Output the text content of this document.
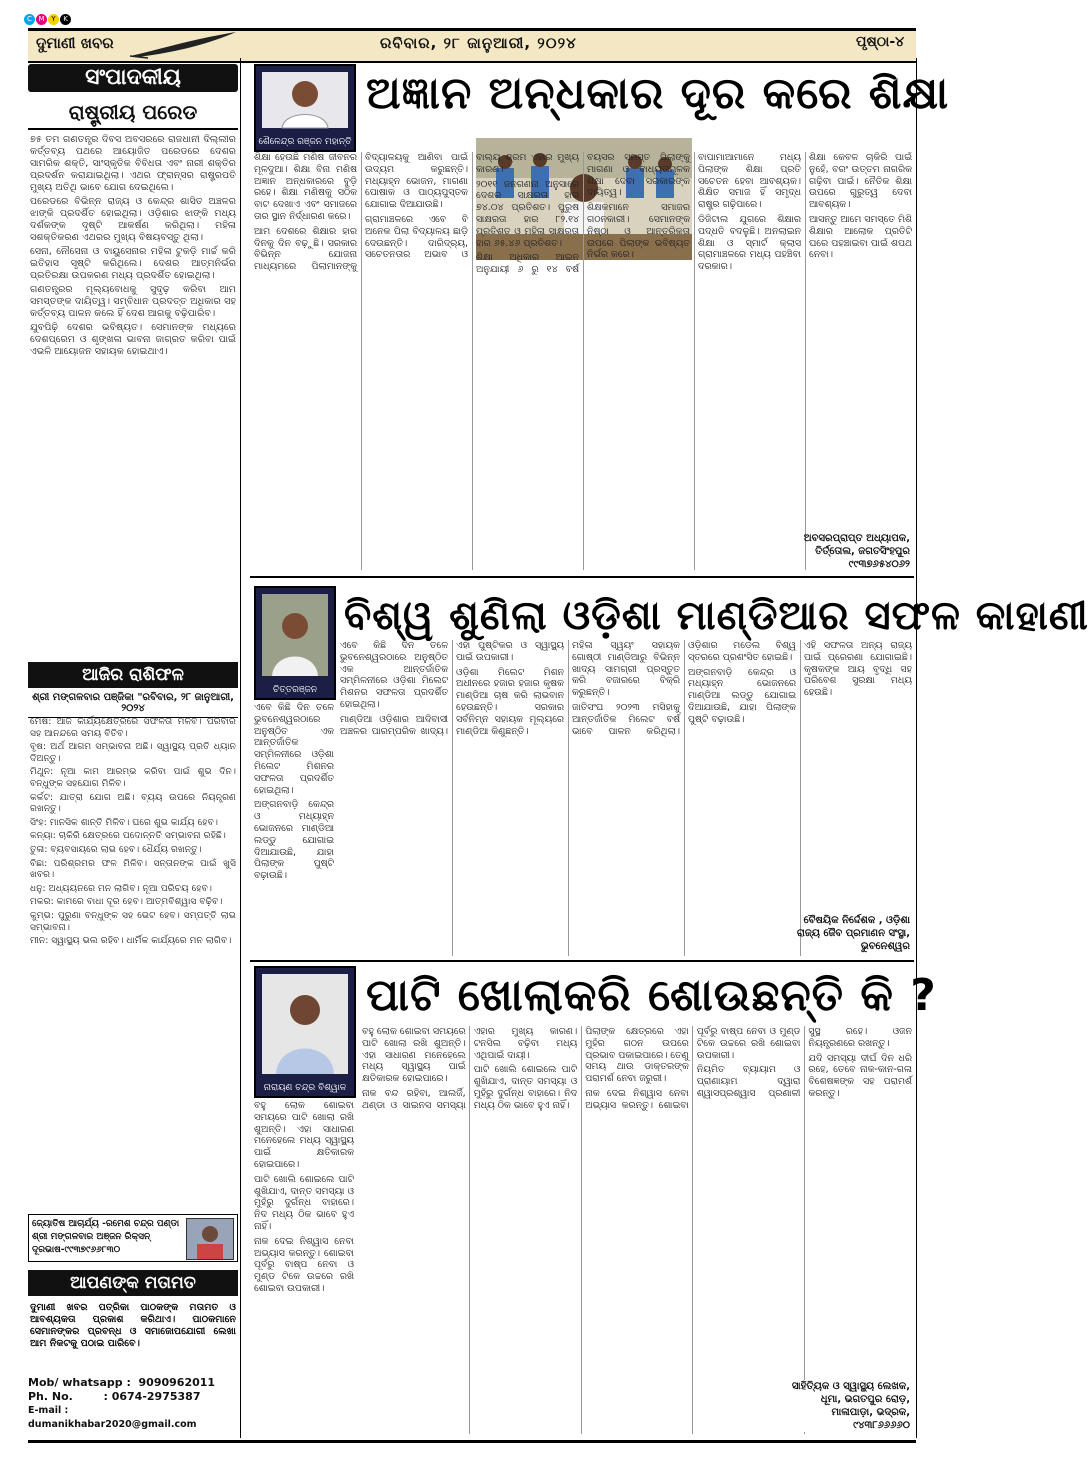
C M Y K
ଦୁମାଣୀ ଖବର	ରବିବାର, ୨୮ ଜାନୁଆରୀ, ୨୦୨୪	ପୃଷ୍ଠା-୪
ସଂପାଦକୀୟ
ରାଷ୍ଟ୍ରୀୟ ପରେଡ

୭୫ ତମ ଗଣତନ୍ତ୍ର ଦିବସ ଅବସରରେ ରାଜଧାନୀ ଦିଲ୍ଲୀର କର୍ତ୍ତବ୍ୟ ପଥରେ ଆୟୋଜିତ ପରେଡରେ ଦେଶର ସାମରିକ ଶକ୍ତି, ସାଂସ୍କୃତିକ ବିବିଧତା ଏବଂ ନାରୀ ଶକ୍ତିର ପ୍ରଦର୍ଶନ କରାଯାଇଥିଲା। ଏଥର ଫ୍ରାନ୍ସର ରାଷ୍ଟ୍ରପତି ମୁଖ୍ୟ ଅତିଥି ଭାବେ ଯୋଗ ଦେଇଥିଲେ।

ପରେଡରେ ବିଭିନ୍ନ ରାଜ୍ୟ ଓ କେନ୍ଦ୍ର ଶାସିତ ଅଞ୍ଚଳର ଝାଙ୍କି ପ୍ରଦର୍ଶିତ ହୋଇଥିଲା। ଓଡ଼ିଶାର ଝାଙ୍କି ମଧ୍ୟ ଦର୍ଶକଙ୍କ ଦୃଷ୍ଟି ଆକର୍ଷଣ କରିଥିଲା। ମହିଳା ସଶକ୍ତିକରଣ ଏଥରର ମୁଖ୍ୟ ବିଷୟବସ୍ତୁ ଥିଲା।

ସେନା, ନୌସେନା ଓ ବାୟୁସେନାର ମହିଳା ଟୁକଡ଼ି ମାର୍ଚ୍ଚ କରି ଇତିହାସ ସୃଷ୍ଟି କରିଥିଲେ। ଦେଶର ଆତ୍ମନିର୍ଭର ପ୍ରତିରକ୍ଷା ଉପକରଣ ମଧ୍ୟ ପ୍ରଦର୍ଶିତ ହୋଇଥିଲା।

ଗଣତନ୍ତ୍ରର ମୂଲ୍ୟବୋଧକୁ ସୁଦୃଢ଼ କରିବା ଆମ ସମସ୍ତଙ୍କ ଦାୟିତ୍ୱ। ସମ୍ବିଧାନ ପ୍ରଦତ୍ତ ଅଧିକାର ସହ କର୍ତ୍ତବ୍ୟ ପାଳନ କଲେ ହିଁ ଦେଶ ଆଗକୁ ବଢ଼ିପାରିବ।

ଯୁବପିଢ଼ି ଦେଶର ଭବିଷ୍ୟତ। ସେମାନଙ୍କ ମଧ୍ୟରେ ଦେଶପ୍ରେମ ଓ ଶୃଙ୍ଖଳା ଭାବନା ଜାଗ୍ରତ କରିବା ପାଇଁ ଏଭଳି ଆୟୋଜନ ସହାୟକ ହୋଇଥାଏ।

ଆଜିର ରାଶିଫଳ
ଶ୍ରୀ ମଙ୍ଗଳବାର ପଞ୍ଜିକା "ରବିବାର, ୨୮ ଜାନୁଆରୀ, ୨୦୨୪

ମେଷ: ଆଜି କାର୍ଯ୍ୟକ୍ଷେତ୍ରରେ ସଫଳତା ମିଳିବ। ପରିବାର ସହ ଆନନ୍ଦରେ ସମୟ ବିତିବ।

ବୃଷ: ଅର୍ଥ ଆଗମ ସମ୍ଭାବନା ଅଛି। ସ୍ୱାସ୍ଥ୍ୟ ପ୍ରତି ଧ୍ୟାନ ଦିଅନ୍ତୁ।

ମିଥୁନ: ନୂଆ କାମ ଆରମ୍ଭ କରିବା ପାଇଁ ଶୁଭ ଦିନ। ବନ୍ଧୁଙ୍କ ସହଯୋଗ ମିଳିବ।

କର୍କଟ: ଯାତ୍ରା ଯୋଗ ଅଛି। ବ୍ୟୟ ଉପରେ ନିୟନ୍ତ୍ରଣ ରଖନ୍ତୁ।

ସିଂହ: ମାନସିକ ଶାନ୍ତି ମିଳିବ। ଘରେ ଶୁଭ କାର୍ଯ୍ୟ ହେବ।

କନ୍ୟା: ଚାକିରି କ୍ଷେତ୍ରରେ ପଦୋନ୍ନତି ସମ୍ଭାବନା ରହିଛି।

ତୁଳା: ବ୍ୟବସାୟରେ ଲାଭ ହେବ। ଧୈର୍ଯ୍ୟ ରଖନ୍ତୁ।

ବିଛା: ପରିଶ୍ରମର ଫଳ ମିଳିବ। ସନ୍ତାନଙ୍କ ପାଇଁ ଖୁସି ଖବର।

ଧନୁ: ଅଧ୍ୟୟନରେ ମନ ଲାଗିବ। ନୂଆ ପରିଚୟ ହେବ।

ମକର: କାମରେ ବାଧା ଦୂର ହେବ। ଆତ୍ମବିଶ୍ୱାସ ବଢ଼ିବ।

କୁମ୍ଭ: ପୁରୁଣା ବନ୍ଧୁଙ୍କ ସହ ଭେଟ ହେବ। ସମ୍ପତ୍ତି ଲାଭ ସମ୍ଭାବନା।

ମୀନ: ସ୍ୱାସ୍ଥ୍ୟ ଭଲ ରହିବ। ଧାର୍ମିକ କାର୍ଯ୍ୟରେ ମନ ଲାଗିବ।

ଜ୍ୟୋତିଷ ଆଚାର୍ଯ୍ୟ -ରମେଶ ଚନ୍ଦ୍ର ପଣ୍ଡା
ଶ୍ରୀ ମଙ୍ଗଳବାର ଅଞ୍ଜନ ରିକ୍ସନ୍
ଦୂରଭାଷ-୯୯୩୭୯୬୬୮୩୦
ଆପଣଙ୍କ ମତାମତ
ଦୁମାଣୀ ଖବର ପତ୍ରିକା ପାଠକଙ୍କ ମତାମତ ଓ ଆବଶ୍ୟକତା ପ୍ରକାଶ କରିଥାଏ। ପାଠକମାନେ ସେମାନଙ୍କର ପ୍ରବନ୍ଧ ଓ ସମାଜୋପଯୋଗୀ ଲେଖା ଆମ ନିକଟକୁ ପଠାଇ ପାରିବେ।

Mob/ whatsapp : 9090962011

Ph. No.	: 0674-2975387

E-mail : dumanikhabar2020@gmail.com

ଶୈଳେନ୍ଦ୍ର ରଞ୍ଜନ ମହାନ୍ତି
ଅଜ୍ଞାନ ଅନ୍ଧକାର ଦୂର କରେ ଶିକ୍ଷା

ଶିକ୍ଷା ହେଉଛି ମଣିଷ ଜୀବନର ମୂଳଦୁଆ। ଶିକ୍ଷା ବିନା ମଣିଷ ଅଜ୍ଞାନ ଅନ୍ଧକାରରେ ବୁଡ଼ି ରହେ। ଶିକ୍ଷା ମଣିଷକୁ ସଠିକ ବାଟ ଦେଖାଏ ଏବଂ ସମାଜରେ ତାର ସ୍ଥାନ ନିର୍ଦ୍ଧାରଣ କରେ।

ଆମ ଦେଶରେ ଶିକ୍ଷାର ହାର ଦିନକୁ ଦିନ ବଢ଼ୁଛି। ସରକାର ବିଭିନ୍ନ ଯୋଜନା ମାଧ୍ୟମରେ ପିଲାମାନଙ୍କୁ ବିଦ୍ୟାଳୟକୁ ଆଣିବା ପାଇଁ ଉଦ୍ୟମ କରୁଛନ୍ତି। ମଧ୍ୟାହ୍ନ ଭୋଜନ, ମାଗଣା ପୋଷାକ ଓ ପାଠ୍ୟପୁସ୍ତକ ଯୋଗାଇ ଦିଆଯାଉଛି।

ଗ୍ରାମାଞ୍ଚଳରେ ଏବେ ବି ଅନେକ ପିଲା ବିଦ୍ୟାଳୟ ଛାଡ଼ି ଦେଉଛନ୍ତି। ଦାରିଦ୍ର୍ୟ, ସଚେତନତାର ଅଭାବ ଓ ବାଲ୍ୟ ଶ୍ରମ ଏହାର ମୁଖ୍ୟ କାରଣ।

୨୦୧୧ ଜନଗଣନା ଅନୁସାରେ ଦେଶର ସାକ୍ଷରତା ହାର ୭୪.୦୪ ପ୍ରତିଶତ। ପୁରୁଷ ସାକ୍ଷରତା ହାର ୮୨.୧୪ ପ୍ରତିଶତ ଓ ମହିଳା ସାକ୍ଷରତା ହାର ୬୫.୪୬ ପ୍ରତିଶତ।

ଶିକ୍ଷା ଅଧିକାର ଆଇନ ଅନୁଯାୟୀ ୬ ରୁ ୧୪ ବର୍ଷ ବୟସର ସମସ୍ତ ପିଲାଙ୍କୁ ମାଗଣା ଓ ବାଧ୍ୟତାମୂଳକ ଶିକ୍ଷା ଦେବା ସରକାରଙ୍କ ଦାୟିତ୍ୱ।

ଶିକ୍ଷକମାନେ ସମାଜର ଗଠନକାରୀ। ସେମାନଙ୍କ ନିଷ୍ଠା ଓ ଆନ୍ତରିକତା ଉପରେ ପିଲାଙ୍କ ଭବିଷ୍ୟତ ନିର୍ଭର କରେ।

ବାପାମାଆମାନେ ମଧ୍ୟ ପିଲାଙ୍କ ଶିକ୍ଷା ପ୍ରତି ସଚେତନ ହେବା ଆବଶ୍ୟକ। ଶିକ୍ଷିତ ସମାଜ ହିଁ ସମୃଦ୍ଧ ରାଷ୍ଟ୍ର ଗଢ଼ିପାରେ।

ଡିଜିଟାଲ ଯୁଗରେ ଶିକ୍ଷାର ପଦ୍ଧତି ବଦଳୁଛି। ଅନଲାଇନ ଶିକ୍ଷା ଓ ସ୍ମାର୍ଟ କ୍ଲାସ ଗ୍ରାମାଞ୍ଚଳରେ ମଧ୍ୟ ପହଞ୍ଚିବା ଦରକାର।

ଶିକ୍ଷା କେବଳ ଚାକିରି ପାଇଁ ନୁହେଁ, ବରଂ ଉତ୍ତମ ନାଗରିକ ଗଢ଼ିବା ପାଇଁ। ନୈତିକ ଶିକ୍ଷା ଉପରେ ଗୁରୁତ୍ୱ ଦେବା ଆବଶ୍ୟକ।

ଆସନ୍ତୁ ଆମେ ସମସ୍ତେ ମିଶି ଶିକ୍ଷାର ଆଲୋକ ପ୍ରତିଟି ଘରେ ପହଞ୍ଚାଇବା ପାଇଁ ଶପଥ ନେବା।

ଅବସରପ୍ରାପ୍ତ ଅଧ୍ୟାପକ,
ତିର୍ତ୍ତୋଲ, ଜଗତସିଂହପୁର
୯୯୩୭୬୫୪୦୬୨
ଚିତ୍ତରଞ୍ଜନ
ବିଶ୍ୱ ଶୁଣିଲା ଓଡ଼ିଶା ମାଣ୍ଡିଆର ସଫଳ କାହାଣୀ

ଏବେ କିଛି ଦିନ ତଳେ ଭୁବନେଶ୍ୱରଠାରେ ଅନୁଷ୍ଠିତ ଏକ ଆନ୍ତର୍ଜାତିକ ସମ୍ମିଳନୀରେ ଓଡ଼ିଶା ମିଲେଟ ମିଶନର ସଫଳତା ପ୍ରଦର୍ଶିତ ହୋଇଥିଲା।

ମାଣ୍ଡିଆ ଓଡ଼ିଶାର ଆଦିବାସୀ ଅଞ୍ଚଳର ପାରମ୍ପରିକ ଖାଦ୍ୟ। ଏହା ପୁଷ୍ଟିକର ଓ ସ୍ୱାସ୍ଥ୍ୟ ପାଇଁ ଉପକାରୀ।

ଓଡ଼ିଶା ମିଲେଟ ମିଶନ ଅଧୀନରେ ହଜାର ହଜାର କୃଷକ ମାଣ୍ଡିଆ ଚାଷ କରି ଲାଭବାନ ହେଉଛନ୍ତି। ସରକାର ସର୍ବନିମ୍ନ ସହାୟକ ମୂଲ୍ୟରେ ମାଣ୍ଡିଆ କିଣୁଛନ୍ତି।

ମହିଳା ସ୍ୱୟଂ ସହାୟକ ଗୋଷ୍ଠୀ ମାଣ୍ଡିଆରୁ ବିଭିନ୍ନ ଖାଦ୍ୟ ସାମଗ୍ରୀ ପ୍ରସ୍ତୁତ କରି ବଜାରରେ ବିକ୍ରି କରୁଛନ୍ତି।

ଜାତିସଂଘ ୨୦୨୩ ମସିହାକୁ ଆନ୍ତର୍ଜାତିକ ମିଲେଟ ବର୍ଷ ଭାବେ ପାଳନ କରିଥିଲା। ଓଡ଼ିଶାର ମଡେଲ ବିଶ୍ୱ ସ୍ତରରେ ପ୍ରଶଂସିତ ହୋଇଛି।

ଅଙ୍ଗନବାଡ଼ି କେନ୍ଦ୍ର ଓ ମଧ୍ୟାହ୍ନ ଭୋଜନରେ ମାଣ୍ଡିଆ ଲଡ୍ଡୁ ଯୋଗାଇ ଦିଆଯାଉଛି, ଯାହା ପିଲାଙ୍କ ପୁଷ୍ଟି ବଢ଼ାଉଛି।

ଏହି ସଫଳତା ଅନ୍ୟ ରାଜ୍ୟ ପାଇଁ ପ୍ରେରଣା ଯୋଗାଇଛି। କୃଷକଙ୍କ ଆୟ ବୃଦ୍ଧି ସହ ପରିବେଶ ସୁରକ୍ଷା ମଧ୍ୟ ହେଉଛି।

ଏବେ କିଛି ଦିନ ତଳେ ଭୁବନେଶ୍ୱରଠାରେ ଅନୁଷ୍ଠିତ ଏକ ଆନ୍ତର୍ଜାତିକ ସମ୍ମିଳନୀରେ ଓଡ଼ିଶା ମିଲେଟ ମିଶନର ସଫଳତା ପ୍ରଦର୍ଶିତ ହୋଇଥିଲା।

ଅଙ୍ଗନବାଡ଼ି କେନ୍ଦ୍ର ଓ ମଧ୍ୟାହ୍ନ ଭୋଜନରେ ମାଣ୍ଡିଆ ଲଡ୍ଡୁ ଯୋଗାଇ ଦିଆଯାଉଛି, ଯାହା ପିଲାଙ୍କ ପୁଷ୍ଟି ବଢ଼ାଉଛି।

ବୈଷୟିକ ନିର୍ଦ୍ଦେଶକ , ଓଡ଼ିଶା
ରାଜ୍ୟ ଜୈବ ପ୍ରମାଣନ ସଂସ୍ଥା,
ଭୁବନେଶ୍ୱର
ନାରାୟଣ ଚନ୍ଦ୍ର ବିଶ୍ୱାଳ
ପାଟି ଖୋଲାକରି ଶୋଉଛନ୍ତି କି ?

ବହୁ ଲୋକ ଶୋଇବା ସମୟରେ ପାଟି ଖୋଲା ରଖି ଶୁଅନ୍ତି। ଏହା ସାଧାରଣ ମନେହେଲେ ମଧ୍ୟ ସ୍ୱାସ୍ଥ୍ୟ ପାଇଁ କ୍ଷତିକାରକ ହୋଇପାରେ।

ନାକ ବନ୍ଦ ରହିବା, ଆଲର୍ଜି, ଥଣ୍ଡା ଓ ସାଇନସ ସମସ୍ୟା ଏହାର ମୁଖ୍ୟ କାରଣ। ଟନସିଲ ବଢ଼ିବା ମଧ୍ୟ ଏଥିପାଇଁ ଦାୟୀ।

ପାଟି ଖୋଲି ଶୋଇଲେ ପାଟି ଶୁଖିଯାଏ, ଦାନ୍ତ ସମସ୍ୟା ଓ ମୁହଁରୁ ଦୁର୍ଗନ୍ଧ ବାହାରେ। ନିଦ ମଧ୍ୟ ଠିକ ଭାବେ ହୁଏ ନାହିଁ।

ପିଲାଙ୍କ କ୍ଷେତ୍ରରେ ଏହା ମୁହଁର ଗଠନ ଉପରେ ପ୍ରଭାବ ପକାଇପାରେ। ତେଣୁ ସମୟ ଥାଉ ଡାକ୍ତରଙ୍କ ପରାମର୍ଶ ନେବା ଜରୁରୀ।

ନାକ ଦେଇ ନିଶ୍ୱାସ ନେବା ଅଭ୍ୟାସ କରନ୍ତୁ। ଶୋଇବା ପୂର୍ବରୁ ବାଷ୍ପ ନେବା ଓ ମୁଣ୍ଡ ଟିକେ ଉଚ୍ଚରେ ରଖି ଶୋଇବା ଉପକାରୀ।

ନିୟମିତ ବ୍ୟାୟାମ ଓ ପ୍ରାଣାୟାମ ଦ୍ୱାରା ଶ୍ୱାସପ୍ରଶ୍ୱାସ ପ୍ରଣାଳୀ ସୁସ୍ଥ ରହେ। ଓଜନ ନିୟନ୍ତ୍ରଣରେ ରଖନ୍ତୁ।

ଯଦି ସମସ୍ୟା ଦୀର୍ଘ ଦିନ ଧରି ରହେ, ତେବେ ନାକ-କାନ-ଗଳା ବିଶେଷଜ୍ଞଙ୍କ ସହ ପରାମର୍ଶ କରନ୍ତୁ।

ବହୁ ଲୋକ ଶୋଇବା ସମୟରେ ପାଟି ଖୋଲା ରଖି ଶୁଅନ୍ତି। ଏହା ସାଧାରଣ ମନେହେଲେ ମଧ୍ୟ ସ୍ୱାସ୍ଥ୍ୟ ପାଇଁ କ୍ଷତିକାରକ ହୋଇପାରେ।

ପାଟି ଖୋଲି ଶୋଇଲେ ପାଟି ଶୁଖିଯାଏ, ଦାନ୍ତ ସମସ୍ୟା ଓ ମୁହଁରୁ ଦୁର୍ଗନ୍ଧ ବାହାରେ। ନିଦ ମଧ୍ୟ ଠିକ ଭାବେ ହୁଏ ନାହିଁ।

ନାକ ଦେଇ ନିଶ୍ୱାସ ନେବା ଅଭ୍ୟାସ କରନ୍ତୁ। ଶୋଇବା ପୂର୍ବରୁ ବାଷ୍ପ ନେବା ଓ ମୁଣ୍ଡ ଟିକେ ଉଚ୍ଚରେ ରଖି ଶୋଇବା ଉପକାରୀ।

ସାହିତ୍ୟିକ ଓ ସ୍ୱାସ୍ଥ୍ୟ ଲେଖକ,
ଧୂମା, ଭଗତପୁର ରୋଡ଼,
ମାଳାପାଡ଼ା, ଭଦ୍ରକ,
୯୪୩୮୬୬୬୬୦
